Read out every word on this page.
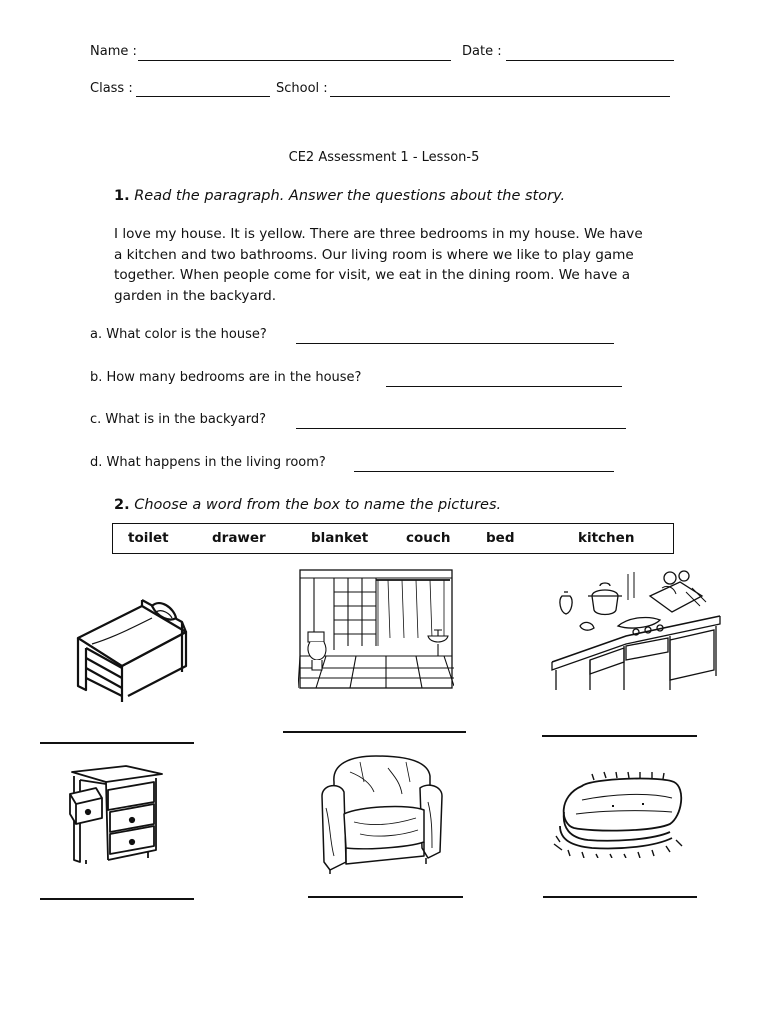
Name :	Date :
Class :	School :
CE2 Assessment 1 - Lesson-5
1. Read the paragraph. Answer the questions about the story.
I love my house. It is yellow. There are three bedrooms in my house. We have
a kitchen and two bathrooms. Our living room is where we like to play game
together. When people come for visit, we eat in the dining room. We have a
garden in the backyard.
a. What color is the house?
b. How many bedrooms are in the house?
c. What is in the backyard?
d. What happens in the living room?
2. Choose a word from the box to name the pictures.
toilet	drawer	blanket	couch	bed	kitchen
